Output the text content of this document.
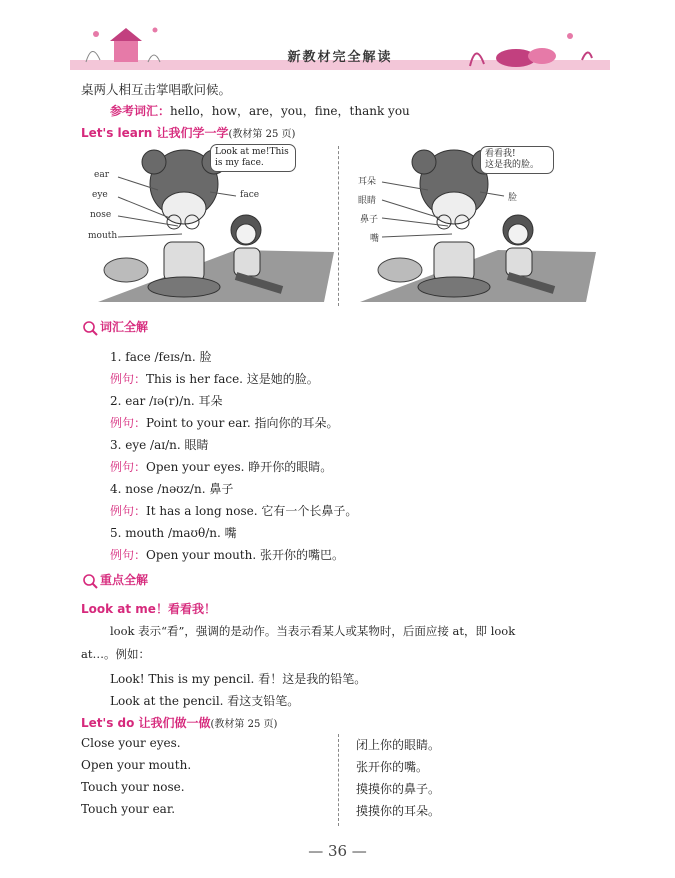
新教材完全解读
桌两人相互击掌唱歌问候。
参考词汇：hello，how，are，you，fine，thank you
Let's learn 让我们学一学(教材第 25 页)
Look at me!This
is my face.
ear
eye
nose
mouth
face
看看我!
这是我的脸。
耳朵
眼睛
鼻子
嘴
脸
词汇全解
1. face /feɪs/n. 脸
例句：This is her face. 这是她的脸。
2. ear /ɪə(r)/n. 耳朵
例句：Point to your ear. 指向你的耳朵。
3. eye /aɪ/n. 眼睛
例句：Open your eyes. 睁开你的眼睛。
4. nose /nəʊz/n. 鼻子
例句：It has a long nose. 它有一个长鼻子。
5. mouth /maʊθ/n. 嘴
例句：Open your mouth. 张开你的嘴巴。
重点全解
Look at me！看看我！
look 表示“看”，强调的是动作。当表示看某人或某物时，后面应接 at，即 look
at…。例如：
Look! This is my pencil. 看！这是我的铅笔。
Look at the pencil. 看这支铅笔。
Let's do 让我们做一做(教材第 25 页)
Close your eyes.	闭上你的眼睛。
Open your mouth.	张开你的嘴。
Touch your nose.	摸摸你的鼻子。
Touch your ear.	摸摸你的耳朵。
— 36 —
